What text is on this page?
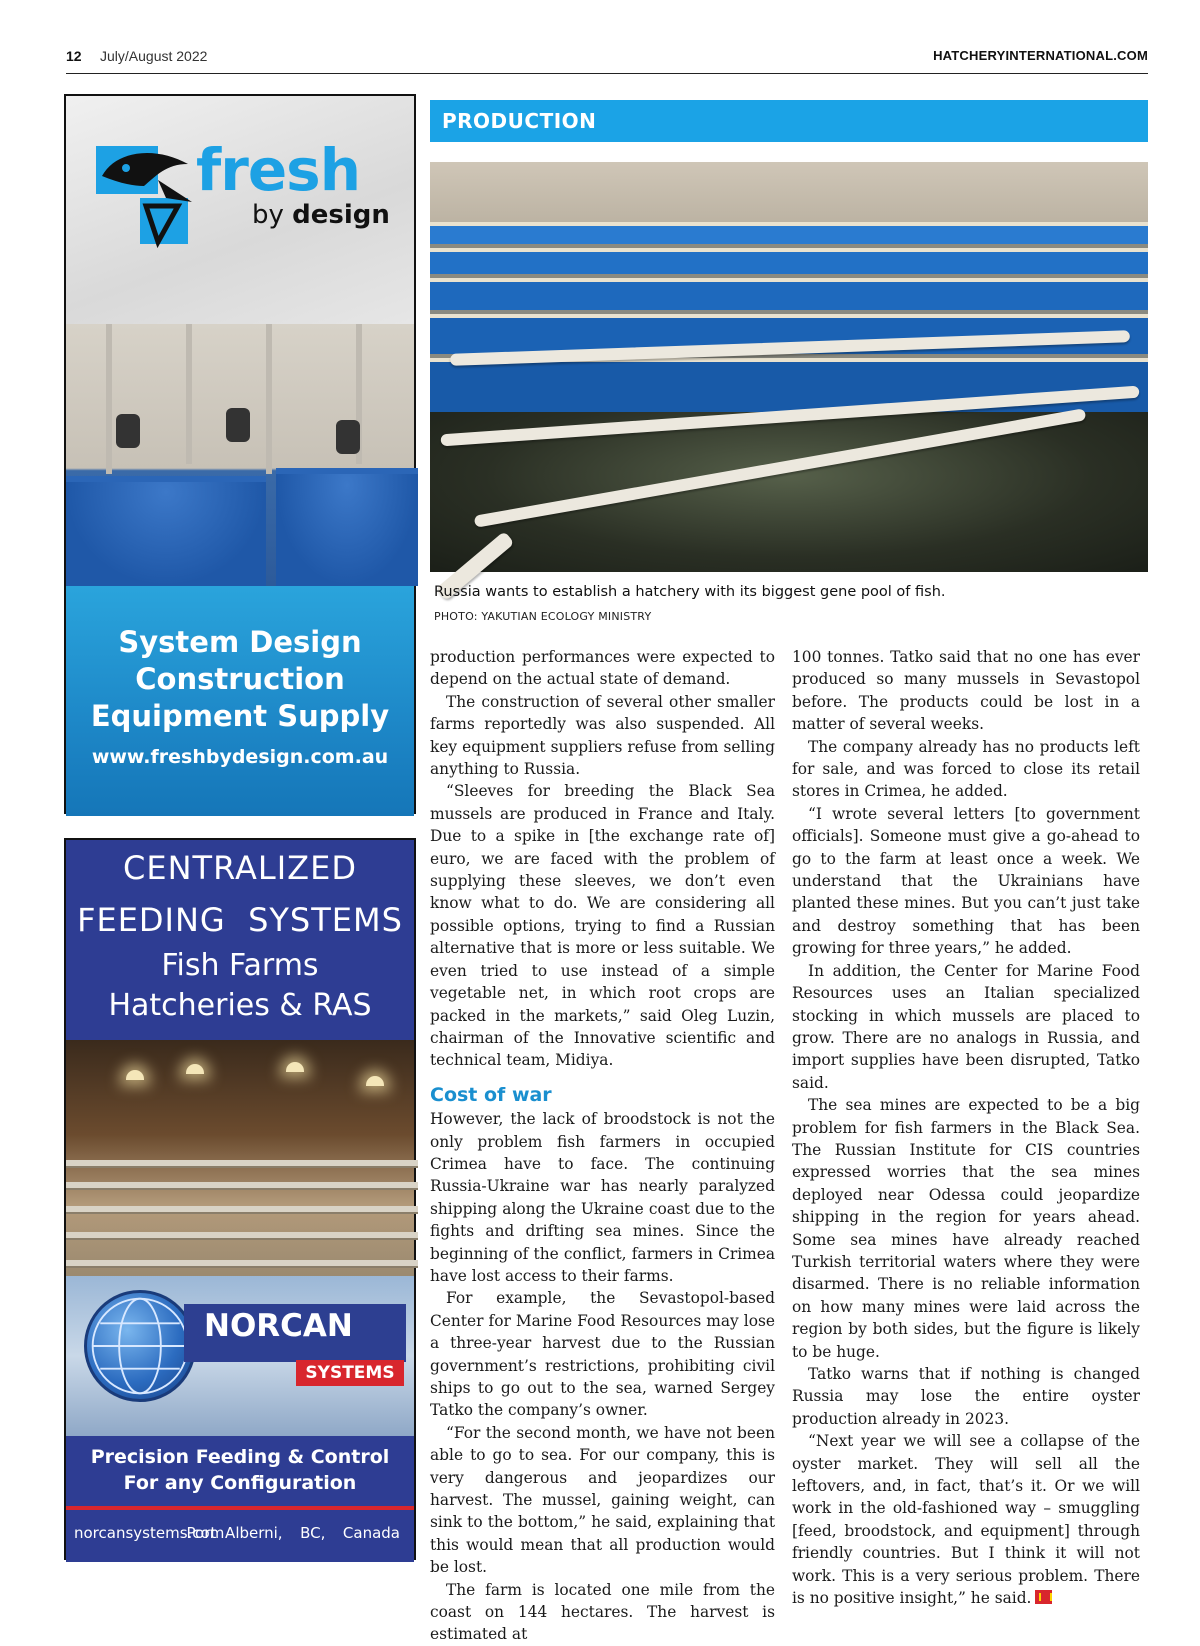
12 July/August 2022	HATCHERYINTERNATIONAL.COM
fresh
by design
System Design
Construction
Equipment Supply
www.freshbydesign.com.au
CENTRALIZED
FEEDING  SYSTEMS
Fish Farms
Hatcheries & RAS
NORCAN
SYSTEMS
Precision Feeding & Control
For any Configuration
norcansystems.com
Port Alberni,  BC,  Canada
PRODUCTION
Russia wants to establish a hatchery with its biggest gene pool of fish.
PHOTO: YAKUTIAN ECOLOGY MINISTRY

production performances were expected to depend on the actual state of demand.

The construction of several other smaller farms reportedly was also suspended. All key equipment suppliers refuse from selling anything to Russia.

“Sleeves for breeding the Black Sea mussels are produced in France and Italy. Due to a spike in [the exchange rate of] euro, we are faced with the problem of supplying these sleeves, we don’t even know what to do. We are considering all possible options, trying to find a Russian alternative that is more or less suitable. We even tried to use instead of a simple vegetable net, in which root crops are packed in the markets,” said Oleg Luzin, chairman of the Innovative scientific and technical team, Midiya.

Cost of war

However, the lack of broodstock is not the only problem fish farmers in occupied Crimea have to face. The continuing Russia-Ukraine war has nearly paralyzed shipping along the Ukraine coast due to the fights and drifting sea mines. Since the beginning of the conflict, farmers in Crimea have lost access to their farms.

For example, the Sevastopol-based Center for Marine Food Resources may lose a three-year harvest due to the Russian government’s restrictions, prohibiting civil ships to go out to the sea, warned Sergey Tatko the company’s owner.

“For the second month, we have not been able to go to sea. For our company, this is very dangerous and jeopardizes our harvest. The mussel, gaining weight, can sink to the bottom,” he said, explaining that this would mean that all production would be lost.

The farm is located one mile from the coast on 144 hectares. The harvest is estimated at

100 tonnes. Tatko said that no one has ever produced so many mussels in Sevastopol before. The products could be lost in a matter of several weeks.

The company already has no products left for sale, and was forced to close its retail stores in Crimea, he added.

“I wrote several letters [to government officials]. Someone must give a go-ahead to go to the farm at least once a week. We understand that the Ukrainians have planted these mines. But you can’t just take and destroy something that has been growing for three years,” he added.

In addition, the Center for Marine Food Resources uses an Italian specialized stocking in which mussels are placed to grow. There are no analogs in Russia, and import supplies have been disrupted, Tatko said.

The sea mines are expected to be a big problem for fish farmers in the Black Sea. The Russian Institute for CIS countries expressed worries that the sea mines deployed near Odessa could jeopardize shipping in the region for years ahead. Some sea mines have already reached Turkish territorial waters where they were disarmed. There is no reliable information on how many mines were laid across the region by both sides, but the figure is likely to be huge.

Tatko warns that if nothing is changed Russia may lose the entire oyster production already in 2023.

“Next year we will see a collapse of the oyster market. They will sell all the leftovers, and, in fact, that’s it. Or we will work in the old-fashioned way – smuggling [feed, broodstock, and equipment] through friendly countries. But I think it will not work. This is a very serious problem. There is no positive insight,” he said.
